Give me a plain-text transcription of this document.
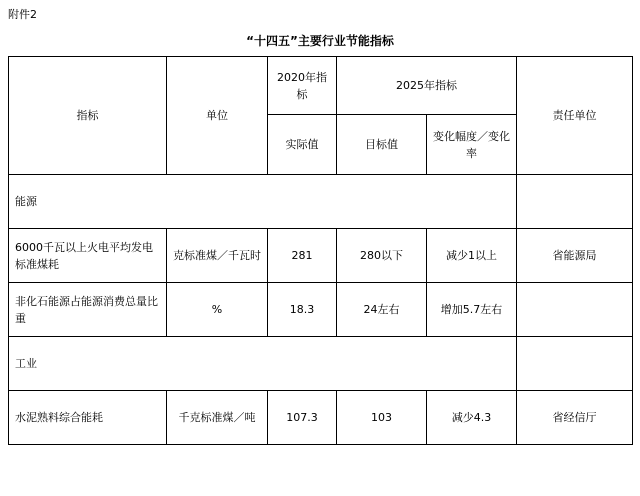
附件2
“十四五”主要行业节能指标
指标	单位	2020年指标	2025年指标		责任单位
		实际值	目标值	变化幅度／变化率	
能源					
6000千瓦以上火电平均发电标准煤耗	克标准煤／千瓦时	281	280以下	减少1以上	省能源局
非化石能源占能源消费总量比重	%	18.3	24左右	增加5.7左右	
工业					
水泥熟料综合能耗	千克标准煤／吨	107.3	103	减少4.3	省经信厅
